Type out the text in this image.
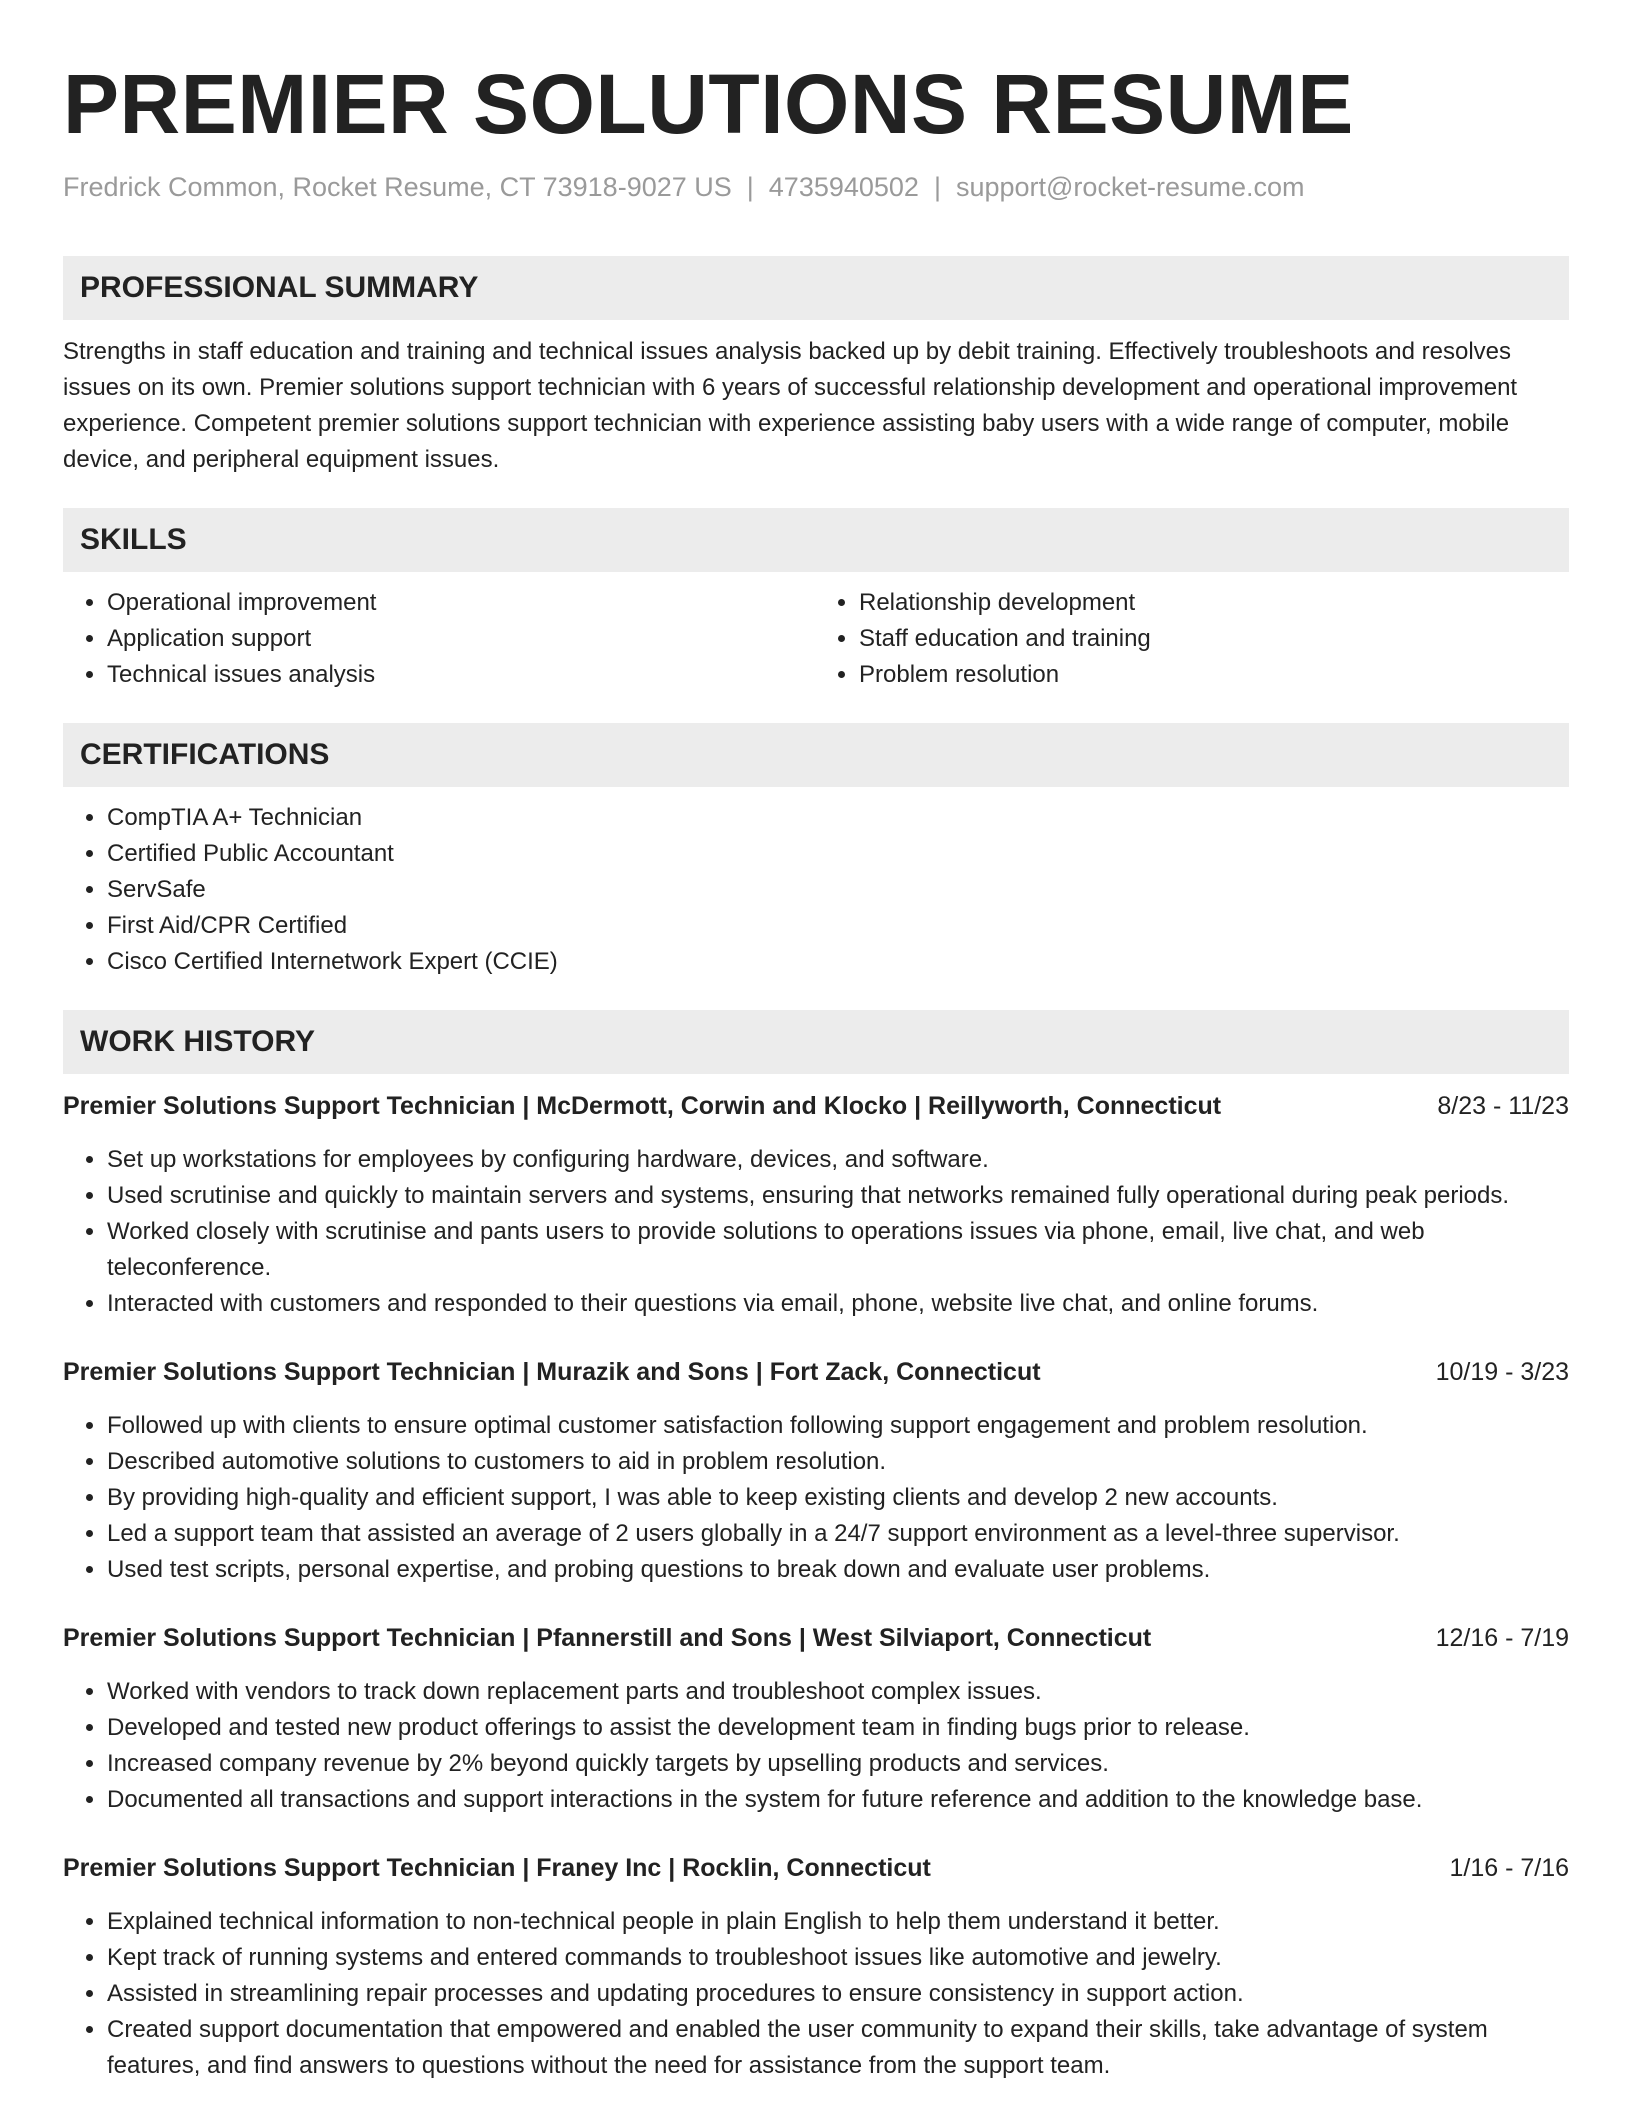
PREMIER SOLUTIONS RESUME
Fredrick Common, Rocket Resume, CT 73918-9027 US | 4735940502 | support@rocket-resume.com
PROFESSIONAL SUMMARY

Strengths in staff education and training and technical issues analysis backed up by debit training. Effectively troubleshoots and resolves issues on its own. Premier solutions support technician with 6 years of successful relationship development and operational improvement experience. Competent premier solutions support technician with experience assisting baby users with a wide range of computer, mobile device, and peripheral equipment issues.

SKILLS
• Operational improvement
• Application support
• Technical issues analysis
• Relationship development
• Staff education and training
• Problem resolution
CERTIFICATIONS
• CompTIA A+ Technician
• Certified Public Accountant
• ServSafe
• First Aid/CPR Certified
• Cisco Certified Internetwork Expert (CCIE)
WORK HISTORY
Premier Solutions Support Technician | McDermott, Corwin and Klocko | Reillyworth, Connecticut	8/23 - 11/23
• Set up workstations for employees by configuring hardware, devices, and software.
• Used scrutinise and quickly to maintain servers and systems, ensuring that networks remained fully operational during peak periods.
• Worked closely with scrutinise and pants users to provide solutions to operations issues via phone, email, live chat, and web teleconference.
• Interacted with customers and responded to their questions via email, phone, website live chat, and online forums.
Premier Solutions Support Technician | Murazik and Sons | Fort Zack, Connecticut	10/19 - 3/23
• Followed up with clients to ensure optimal customer satisfaction following support engagement and problem resolution.
• Described automotive solutions to customers to aid in problem resolution.
• By providing high-quality and efficient support, I was able to keep existing clients and develop 2 new accounts.
• Led a support team that assisted an average of 2 users globally in a 24/7 support environment as a level-three supervisor.
• Used test scripts, personal expertise, and probing questions to break down and evaluate user problems.
Premier Solutions Support Technician | Pfannerstill and Sons | West Silviaport, Connecticut	12/16 - 7/19
• Worked with vendors to track down replacement parts and troubleshoot complex issues.
• Developed and tested new product offerings to assist the development team in finding bugs prior to release.
• Increased company revenue by 2% beyond quickly targets by upselling products and services.
• Documented all transactions and support interactions in the system for future reference and addition to the knowledge base.
Premier Solutions Support Technician | Franey Inc | Rocklin, Connecticut	1/16 - 7/16
• Explained technical information to non-technical people in plain English to help them understand it better.
• Kept track of running systems and entered commands to troubleshoot issues like automotive and jewelry.
• Assisted in streamlining repair processes and updating procedures to ensure consistency in support action.
• Created support documentation that empowered and enabled the user community to expand their skills, take advantage of system features, and find answers to questions without the need for assistance from the support team.
